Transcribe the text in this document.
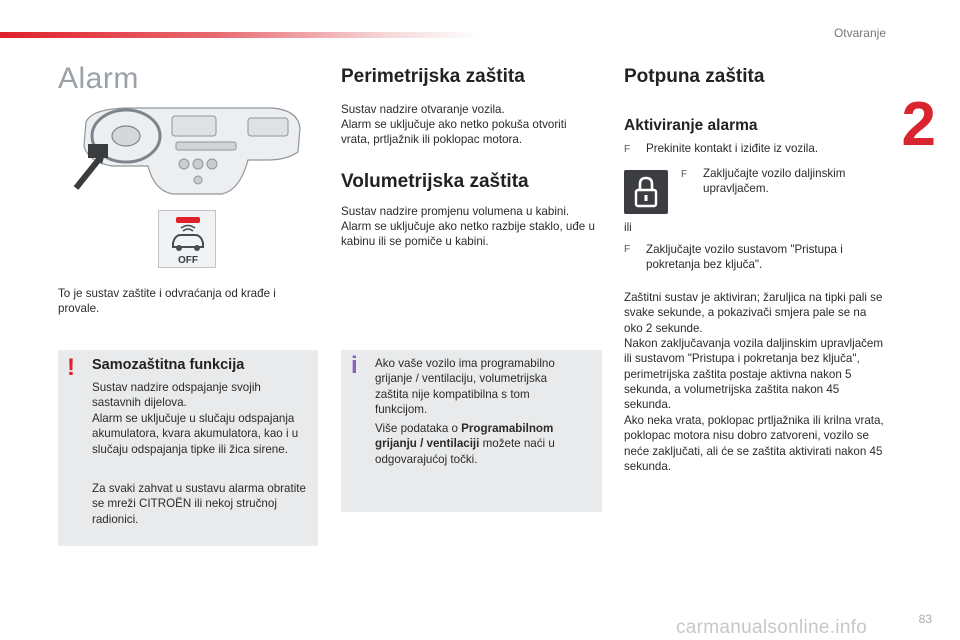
Otvaranje
2
Alarm
OFF

To je sustav zaštite i odvraćanja od krađe i provale.

! Samozaštitna funkcija

Sustav nadzire odspajanje svojih sastavnih dijelova.

Alarm se uključuje u slučaju odspajanja akumulatora, kvara akumulatora, kao i u slučaju odspajanja tipke ili žica sirene.

Za svaki zahvat u sustavu alarma obratite se mreži CITROËN ili nekoj stručnoj radionici.

Perimetrijska zaštita

Sustav nadzire otvaranje vozila.

Alarm se uključuje ako netko pokuša otvoriti vrata, prtljažnik ili poklopac motora.

Volumetrijska zaštita

Sustav nadzire promjenu volumena u kabini.

Alarm se uključuje ako netko razbije staklo, uđe u kabinu ili se pomiče u kabini.

i Ako vaše vozilo ima programabilno grijanje / ventilaciju, volumetrijska zaštita nije kompatibilna s tom funkcijom.

Više podataka o Programabilnom grijanju / ventilaciji možete naći u odgovarajućoj točki.

Potpuna zaštita
Aktiviranje alarma

F Prekinite kontakt i iziđite iz vozila.

F Zaključajte vozilo daljinskim upravljačem.

ili

F Zaključajte vozilo sustavom "Pristupa i pokretanja bez ključa".

Zaštitni sustav je aktiviran; žaruljica na tipki pali se svake sekunde, a pokazivači smjera pale se na oko 2 sekunde.

Nakon zaključavanja vozila daljinskim upravljačem ili sustavom "Pristupa i pokretanja bez ključa", perimetrijska zaštita postaje aktivna nakon 5 sekunda, a volumetrijska zaštita nakon 45 sekunda.

Ako neka vrata, poklopac prtljažnika ili krilna vrata, poklopac motora nisu dobro zatvoreni, vozilo se neće zaključati, ali će se zaštita aktivirati nakon 45 sekunda.

carmanualsonline.info	83
